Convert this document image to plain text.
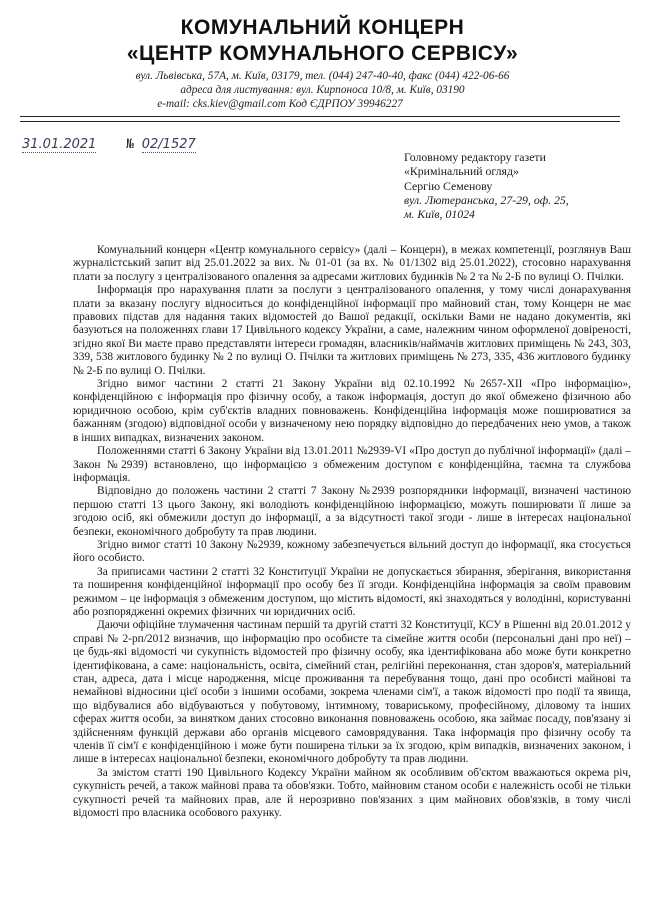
КОМУНАЛЬНИЙ КОНЦЕРН
«ЦЕНТР КОМУНАЛЬНОГО СЕРВІСУ»
вул. Львівська, 57А, м. Київ, 03179, тел. (044) 247-40-40, факс (044) 422-06-66
адреса для листування: вул. Кирпоноса 10/8, м. Київ, 03190
e-mail: cks.kiev@gmail.com Код ЄДРПОУ 39946227
31.01.2021 № 02/1527
Головному редактору газети
«Кримінальний огляд»
Сергію Семенову
вул. Лютеранська, 27-29, оф. 25,
м. Київ, 01024

Комунальний концерн «Центр комунального сервісу» (далі – Концерн), в межах компетенції, розглянув Ваш журналістський запит від 25.01.2022 за вих. № 01-01 (за вх. № 01/1302 від 25.01.2022), стосовно нарахування плати за послугу з централізованого опалення за адресами житлових будинків № 2 та № 2-Б по вулиці О. Пчілки.

Інформація про нарахування плати за послуги з централізованого опалення, у тому числі донарахування плати за вказану послугу відноситься до конфіденційної інформації про майновий стан, тому Концерн не має правових підстав для надання таких відомостей до Вашої редакції, оскільки Вами не надано документів, які базуються на положеннях глави 17 Цивільного кодексу України, а саме, належним чином оформленої довіреності, згідно якої Ви маєте право представляти інтереси громадян, власників/наймачів житлових приміщень № 243, 303, 339, 538 житлового будинку № 2 по вулиці О. Пчілки та житлових приміщень № 273, 335, 436 житлового будинку № 2-Б по вулиці О. Пчілки.

Згідно вимог частини 2 статті 21 Закону України від 02.10.1992 №2657-XII «Про інформацію», конфіденційною є інформація про фізичну особу, а також інформація, доступ до якої обмежено фізичною або юридичною особою, крім суб'єктів владних повноважень. Конфіденційна інформація може поширюватися за бажанням (згодою) відповідної особи у визначеному нею порядку відповідно до передбачених нею умов, а також в інших випадках, визначених законом.

Положеннями статті 6 Закону України від 13.01.2011 №2939-VI «Про доступ до публічної інформації» (далі – Закон №2939) встановлено, що інформацією з обмеженим доступом є конфіденційна, таємна та службова інформація.

Відповідно до положень частини 2 статті 7 Закону №2939 розпорядники інформації, визначені частиною першою статті 13 цього Закону, які володіють конфіденційною інформацією, можуть поширювати її лише за згодою осіб, які обмежили доступ до інформації, а за відсутності такої згоди - лише в інтересах національної безпеки, економічного добробуту та прав людини.

Згідно вимог статті 10 Закону №2939, кожному забезпечується вільний доступ до інформації, яка стосується його особисто.

За приписами частини 2 статті 32 Конституції України не допускається збирання, зберігання, використання та поширення конфіденційної інформації про особу без її згоди. Конфіденційна інформація за своїм правовим режимом – це інформація з обмеженим доступом, що містить відомості, які знаходяться у володінні, користуванні або розпорядженні окремих фізичних чи юридичних осіб.

Даючи офіційне тлумачення частинам першій та другій статті 32 Конституції, КСУ в Рішенні від 20.01.2012 у справі № 2-рп/2012 визначив, що інформацію про особисте та сімейне життя особи (персональні дані про неї) – це будь-які відомості чи сукупність відомостей про фізичну особу, яка ідентифікована або може бути конкретно ідентифікована, а саме: національність, освіта, сімейний стан, релігійні переконання, стан здоров'я, матеріальний стан, адреса, дата і місце народження, місце проживання та перебування тощо, дані про особисті майнові та немайнові відносини цієї особи з іншими особами, зокрема членами сім'ї, а також відомості про події та явища, що відбувалися або відбуваються у побутовому, інтимному, товариському, професійному, діловому та інших сферах життя особи, за винятком даних стосовно виконання повноважень особою, яка займає посаду, пов'язану зі здійсненням функцій держави або органів місцевого самоврядування. Така інформація про фізичну особу та членів її сім'ї є конфіденційною і може бути поширена тільки за їх згодою, крім випадків, визначених законом, і лише в інтересах національної безпеки, економічного добробуту та прав людини.

За змістом статті 190 Цивільного Кодексу України майном як особливим об'єктом вважаються окрема річ, сукупність речей, а також майнові права та обов'язки. Тобто, майновим станом особи є належність особі не тільки сукупності речей та майнових прав, але й нерозривно пов'язаних з цим майнових обов'язків, в тому числі відомості про власника особового рахунку.
